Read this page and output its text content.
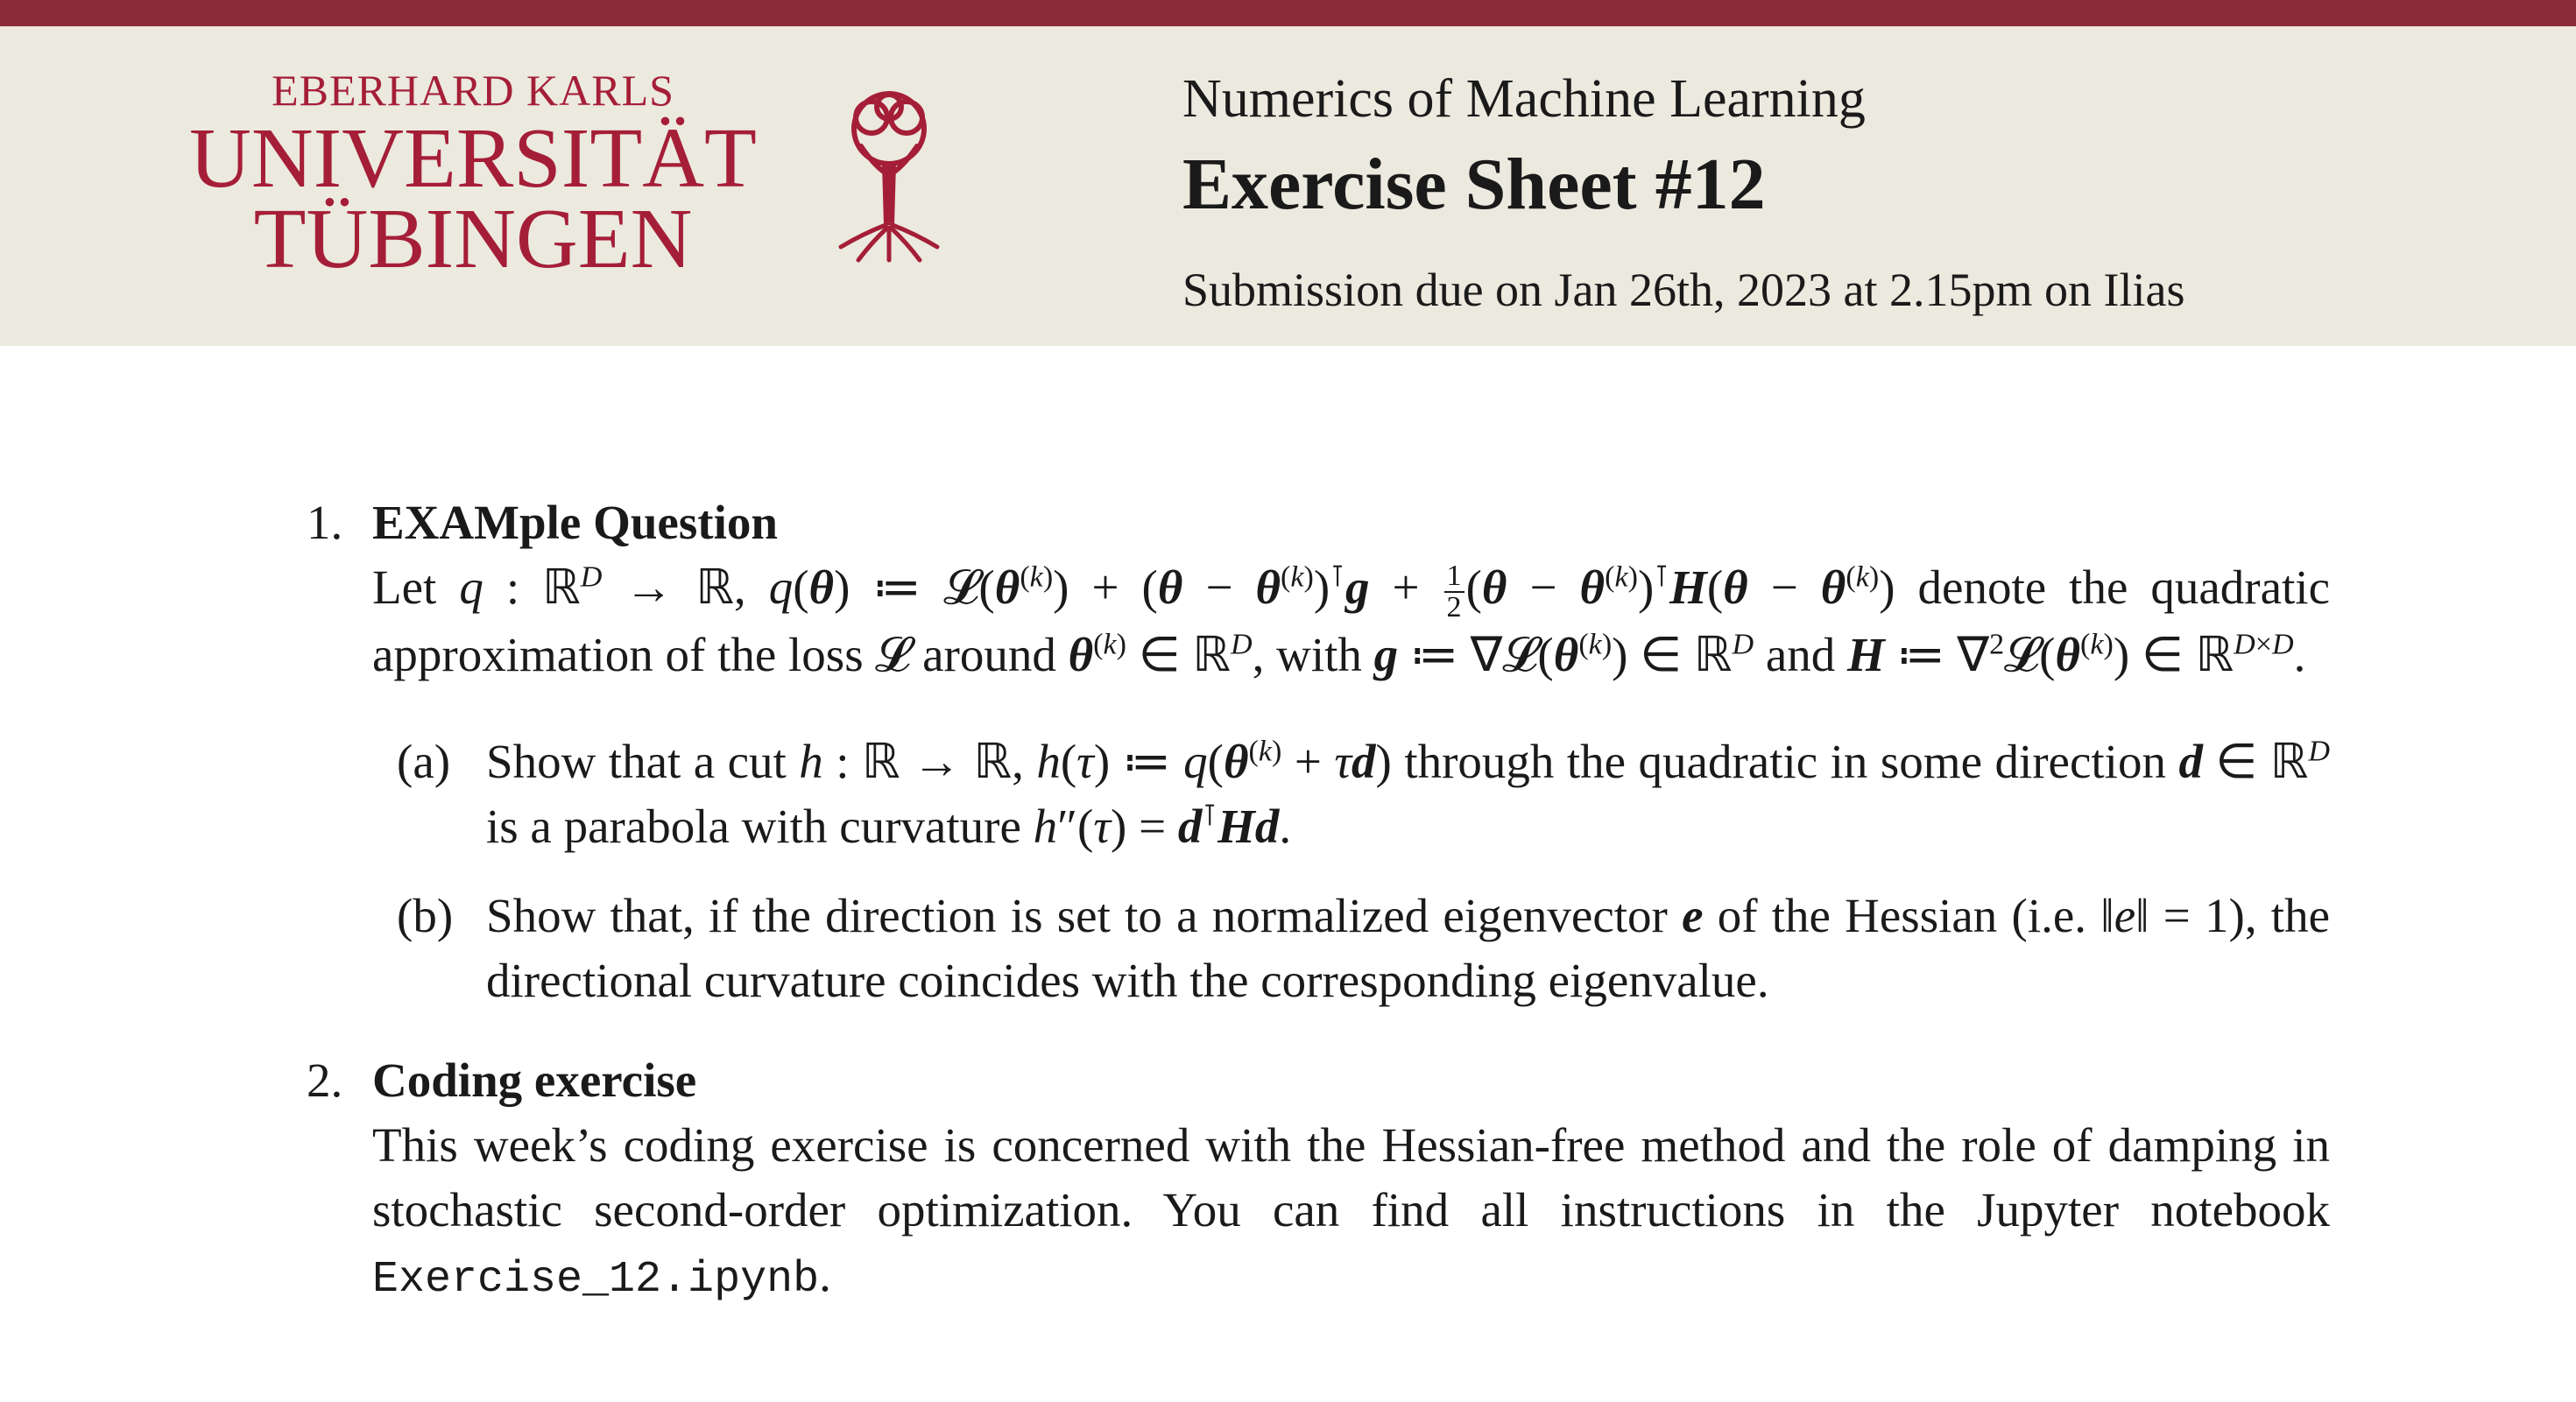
EBERHARD KARLS
UNIVERSITÄT
TÜBINGEN
Numerics of Machine Learning
Exercise Sheet #12
Submission due on Jan 26th, 2023 at 2.15pm on Ilias
1. EXAMple Question
Let q : ℝ$^D$ → ℝ, q(θ) ≔ $𝓛(\theta^{(k)}) + (\theta - \theta^{(k)})^⊺g + \frac{1}{2} (\theta - \theta^{(k)})^⊺H(\theta - \theta^{(k)})$ denote the quadratic approximation of the loss 𝓛 around $\theta^{(k)}$ ∈ ℝ$^D$, with g ≔ $\nabla 𝓛(\theta^{(k)})$ ∈ ℝ$^D$ and H ≔ $\nabla^2𝓛(\theta^{(k)})$ ∈ ℝ$^{D\times D}$.
(a) Show that a cut h : ℝ → ℝ, h(τ) ≔ $q(\theta^{(k)} + \tau d)$ through the quadratic in some direction d ∈ ℝ$^D$ is a parabola with curvature h″(τ) = d⊺Hd.
(b) Show that, if the direction is set to a normalized eigenvector e of the Hessian (i.e. ‖e‖ = 1), the directional curvature coincides with the corresponding eigenvalue.
2. Coding exercise
This week’s coding exercise is concerned with the Hessian-free method and the role of damping in stochastic second-order optimization. You can find all instructions in the Jupyter notebook Exercise_12.ipynb.
